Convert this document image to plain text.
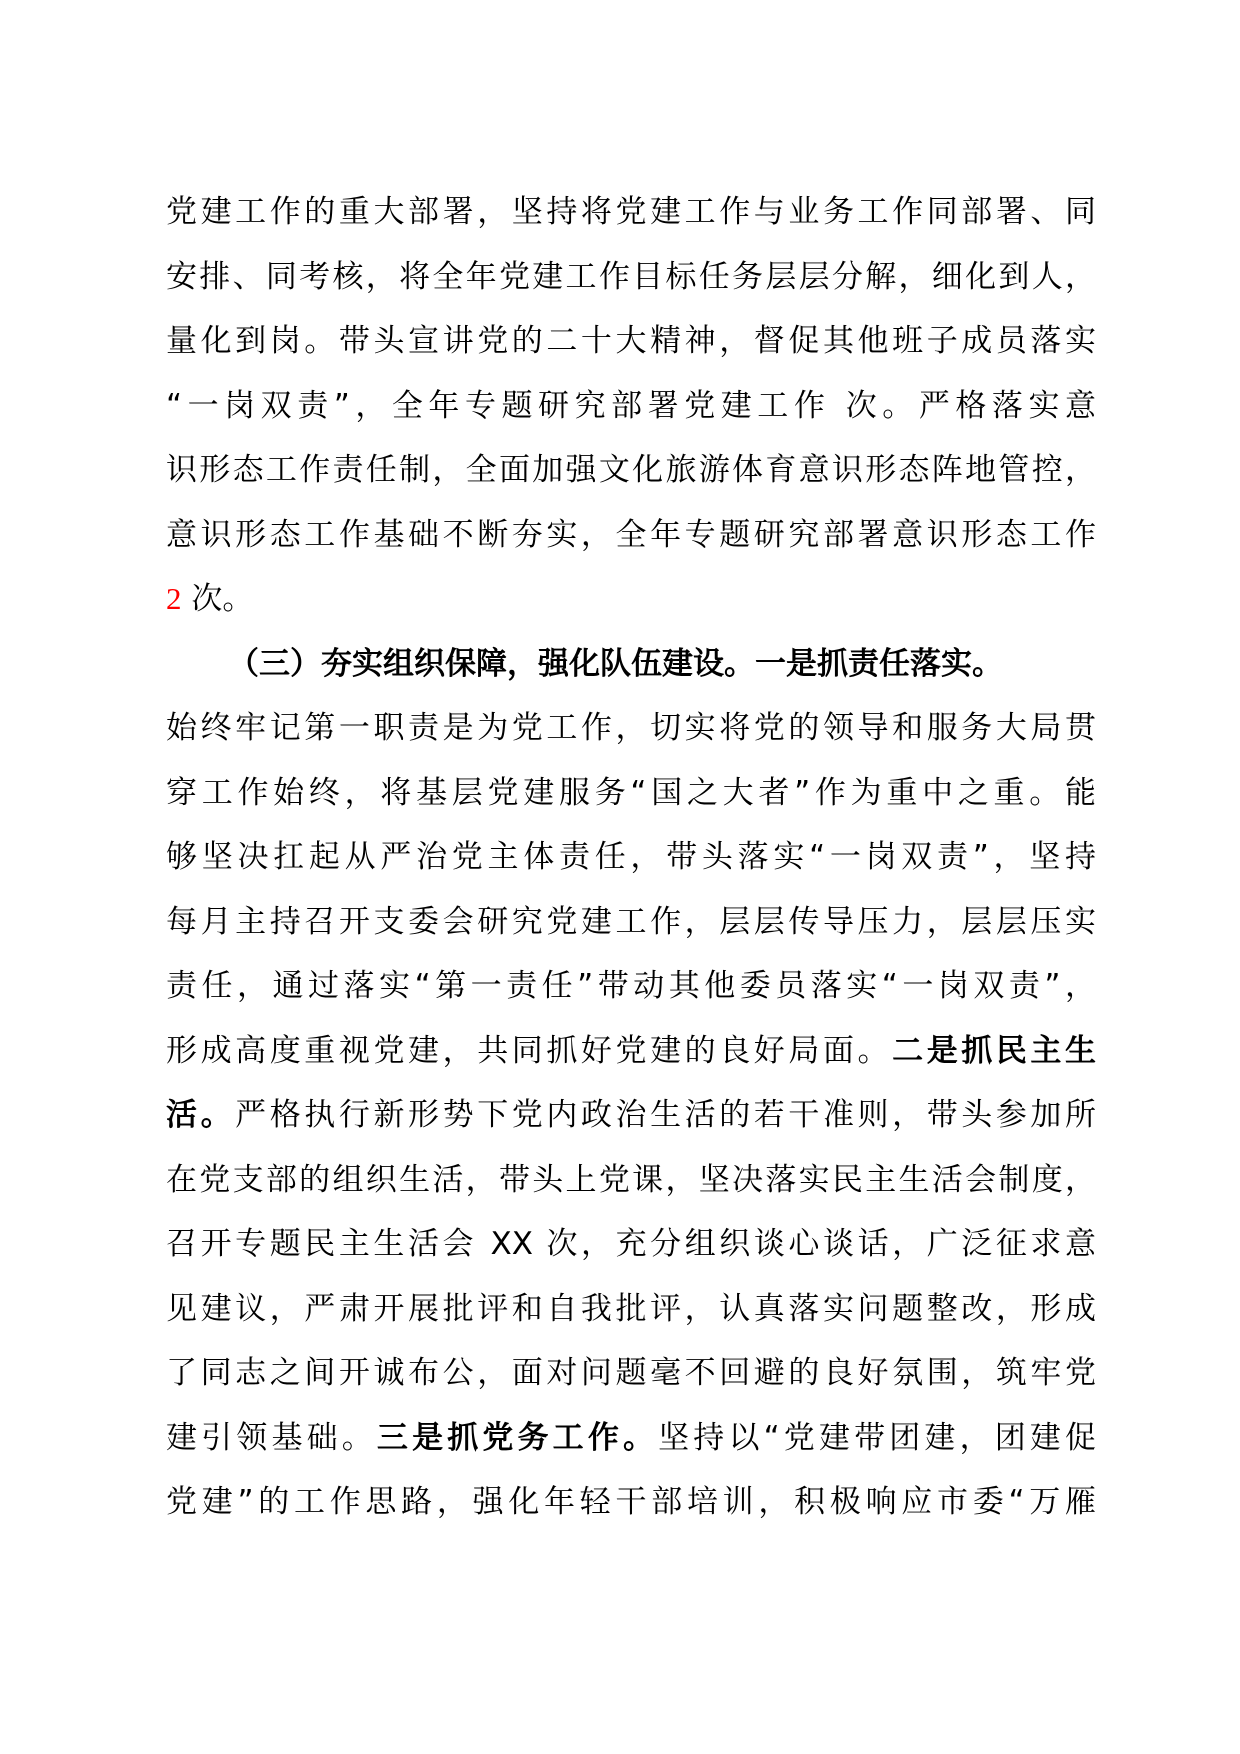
党建工作的重大部署，坚持将党建工作与业务工作同部署、同
安排、同考核，将全年党建工作目标任务层层分解，细化到人，
量化到岗。带头宣讲党的二十大精神，督促其他班子成员落实
“一岗双责”，全年专题研究部署党建工作 次。严格落实意
识形态工作责任制，全面加强文化旅游体育意识形态阵地管控，
意识形态工作基础不断夯实，全年专题研究部署意识形态工作
2 次。
（三）夯实组织保障，强化队伍建设。一是抓责任落实。
始终牢记第一职责是为党工作，切实将党的领导和服务大局贯
穿工作始终，将基层党建服务“国之大者”作为重中之重。能
够坚决扛起从严治党主体责任，带头落实“一岗双责”，坚持
每月主持召开支委会研究党建工作，层层传导压力，层层压实
责任，通过落实“第一责任”带动其他委员落实“一岗双责”，
形成高度重视党建，共同抓好党建的良好局面。二是抓民主生
活。严格执行新形势下党内政治生活的若干准则，带头参加所
在党支部的组织生活，带头上党课，坚决落实民主生活会制度，
召开专题民主生活会 XX 次，充分组织谈心谈话，广泛征求意
见建议，严肃开展批评和自我批评，认真落实问题整改，形成
了同志之间开诚布公，面对问题毫不回避的良好氛围，筑牢党
建引领基础。三是抓党务工作。坚持以“党建带团建，团建促
党建”的工作思路，强化年轻干部培训，积极响应市委“万雁
